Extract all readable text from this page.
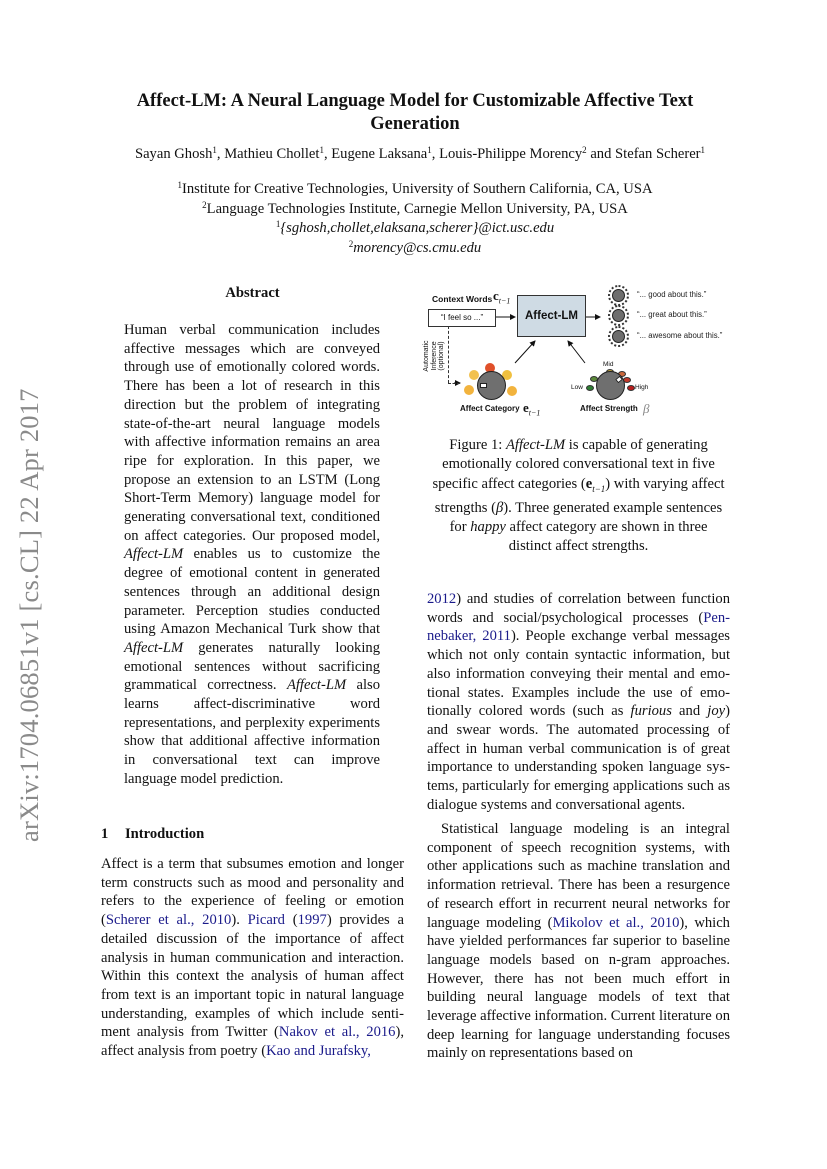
arXiv:1704.06851v1 [cs.CL] 22 Apr 2017
Affect-LM: A Neural Language Model for Customizable Affective Text Generation
Sayan Ghosh$^1$, Mathieu Chollet$^1$, Eugene Laksana$^1$, Louis-Philippe Morency$^2$ and Stefan Scherer$^1$
$^1$Institute for Creative Technologies, University of Southern California, CA, USA
$^2$Language Technologies Institute, Carnegie Mellon University, PA, USA
$^1${sghosh,chollet,elaksana,scherer}@ict.usc.edu
$^2$morency@cs.cmu.edu
Abstract
Human verbal communication includes affective messages which are conveyed through use of emotionally colored words. There has been a lot of research in this direction but the problem of integrating state-of-the-art neural language models with affective information remains an area ripe for exploration. In this paper, we propose an extension to an LSTM (Long Short-Term Memory) language model for generating conversational text, conditioned on affect categories. Our proposed model, Affect-LM enables us to customize the degree of emotional content in generated sentences through an additional design parameter. Perception studies conducted using Amazon Mechanical Turk show that Affect-LM generates naturally looking emotional sentences without sacrificing grammatical correctness. Affect-LM also learns affect-discriminative word representations, and perplexity experiments show that additional affective information in conversational text can improve language model prediction.
1 Introduction
Affect is a term that subsumes emotion and longer term constructs such as mood and personality and refers to the experience of feeling or emotion (Scherer et al., 2010). Picard (1997) provides a detailed discussion of the importance of affect analysis in human communication and interaction. Within this context the analysis of human affect from text is an important topic in natural language understanding, examples of which include sentiment analysis from Twitter (Nakov et al., 2016), affect analysis from poetry (Kao and Jurafsky,
Context Words $c_{t-1}$
“I feel so ...”	Affect-LM
“... good about this.”
“... great about this.”
“... awesome about this.”
Automatic Inference (optional)
Affect Category $e_{t-1}$
Low
Mid
High
Affect Strength β
Figure 1: Affect-LM is capable of generating emotionally colored conversational text in five specific affect categories $(e_{t-1})$ with varying affect strengths (β). Three generated example sentences for happy affect category are shown in three distinct affect strengths.
2012) and studies of correlation between function words and social/psychological processes (Pennebaker, 2011). People exchange verbal messages which not only contain syntactic information, but also information conveying their mental and emotional states. Examples include the use of emotionally colored words (such as furious and joy) and swear words. The automated processing of affect in human verbal communication is of great importance to understanding spoken language systems, particularly for emerging applications such as dialogue systems and conversational agents.
Statistical language modeling is an integral component of speech recognition systems, with other applications such as machine translation and information retrieval. There has been a resurgence of research effort in recurrent neural networks for language modeling (Mikolov et al., 2010), which have yielded performances far superior to baseline language models based on n-gram approaches. However, there has not been much effort in building neural language models of text that leverage affective information. Current literature on deep learning for language understanding focuses mainly on representations based on
